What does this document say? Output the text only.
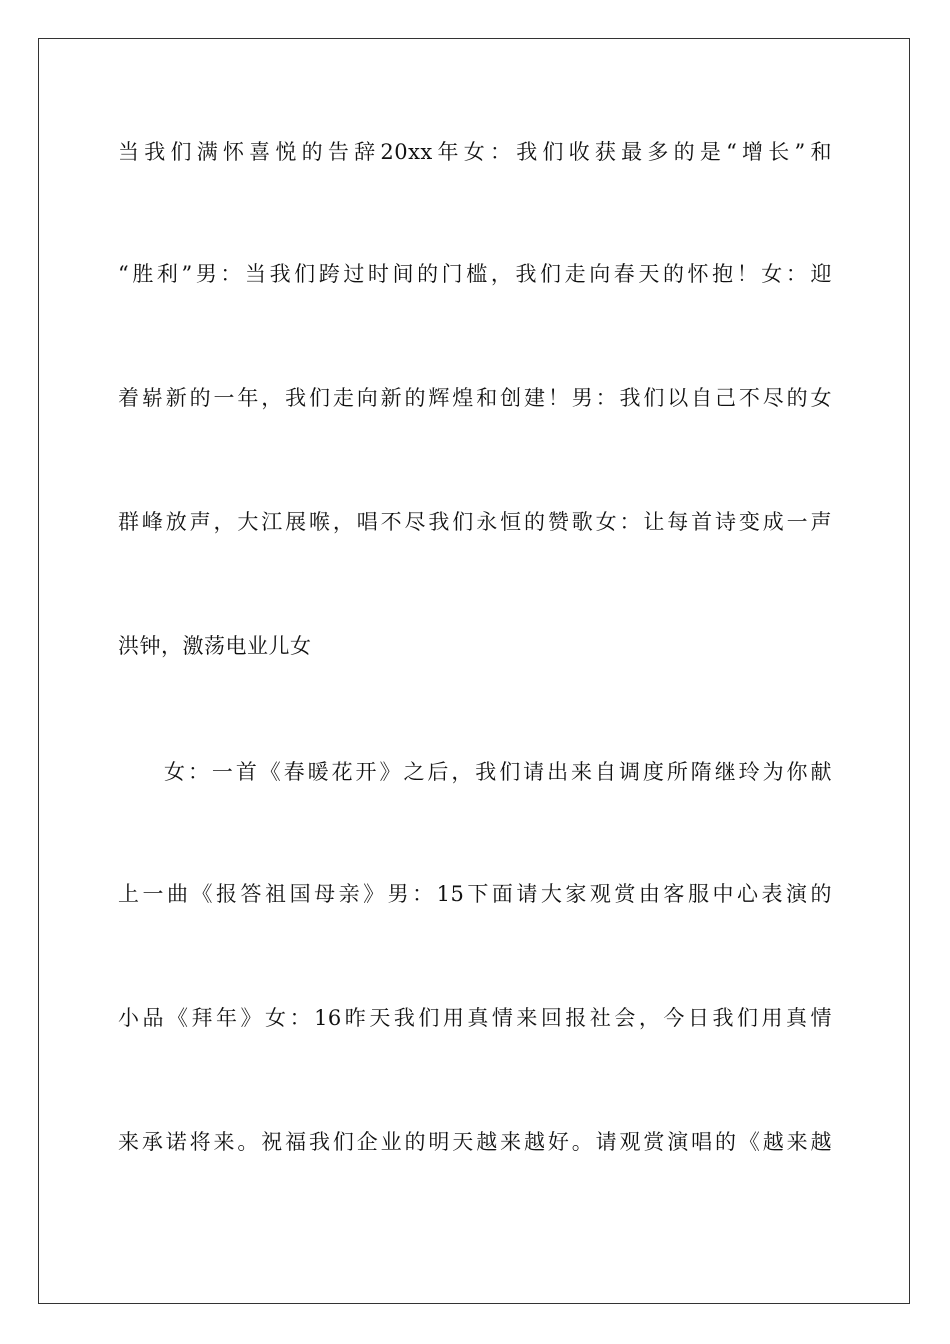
当我们满怀喜悦的告辞20xx年女：我们收获最多的是“增长”和
“胜利”男：当我们跨过时间的门槛，我们走向春天的怀抱！女：迎
着崭新的一年，我们走向新的辉煌和创建！男：我们以自己不尽的女
群峰放声，大江展喉，唱不尽我们永恒的赞歌女：让每首诗变成一声
洪钟，激荡电业儿女
女：一首《春暖花开》之后，我们请出来自调度所隋继玲为你献
上一曲《报答祖国母亲》男：15下面请大家观赏由客服中心表演的
小品《拜年》女：16昨天我们用真情来回报社会，今日我们用真情
来承诺将来。祝福我们企业的明天越来越好。请观赏演唱的《越来越
